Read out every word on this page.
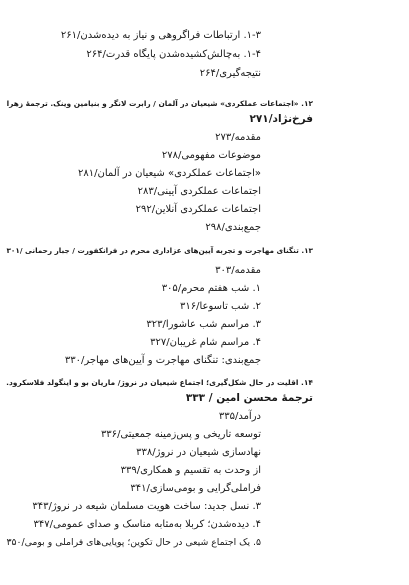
۱-۳. ارتباطات فراگروهی و نیاز به دیده‌شدن/۲۶۱
۱-۴. به‌چالش‌کشیده‌شدن پایگاه قدرت/۲۶۴
نتیجه‌گیری/۲۶۴
۱۲. «اجتماعات عملکردی» شیعیان در آلمان / رابرت لانگر و بنیامین وینک. ترجمهٔ زهرا
فرخ‌نژاد/۲۷۱
مقدمه/۲۷۳
موضوعات مفهومی/۲۷۸
«اجتماعات عملکردی» شیعیان در آلمان/۲۸۱
اجتماعات عملکردی آیینی/۲۸۳
اجتماعات عملکردی آنلاین/۲۹۲
جمع‌بندی/۲۹۸
۱۳. تنگنای مهاجرت و تجربه آیین‌های عزاداری محرم در فرانکفورت / جبار رحمانی /۳۰۱
مقدمه/۳۰۳
۱. شب هفتم محرم/۳۰۵
۲. شب تاسوعا/۳۱۶
۳. مراسم شب عاشورا/۳۲۳
۴. مراسم شام غریبان/۳۲۷
جمع‌بندی: تنگنای مهاجرت و آیین‌های مهاجر/۳۳۰
۱۴. اقلیت در حال شکل‌گیری؛ اجتماع شیعیان در نروژ/ ماریان بو و اینگولد فلاسکرود.
ترجمهٔ محسن امین / ۳۳۳
درآمد/۳۳۵
توسعه تاریخی و پس‌زمینه جمعیتی/۳۳۶
نهادسازی شیعیان در نروژ/۳۳۸
از وحدت به تقسیم و همکاری/۳۳۹
فراملی‌گرایی و بومی‌سازی/۳۴۱
۳. نسل جدید: ساخت هویت مسلمان شیعه در نروژ/۳۴۳
۴. دیده‌شدن؛ کربلا به‌مثابه مناسک و صدای عمومی/۳۴۷
۵. یک اجتماع شیعی در حال تکوین؛ پویایی‌های فراملی و بومی/۳۵۰
